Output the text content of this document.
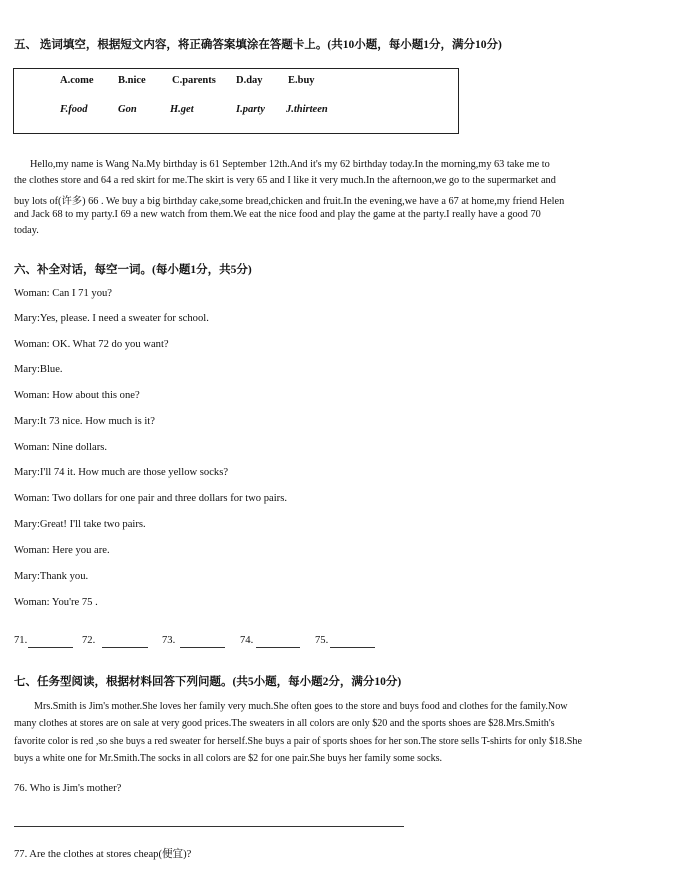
五、 选词填空，根据短文内容，将正确答案填涂在答题卡上。(共10小题，每小题1分，满分10分)
A.come B.nice	C.parents D.day E.buy
F.food	Gon	H.get	I.party J.thirteen
Hello,my name is Wang Na.My birthday is 61 September 12th.And it's my 62 birthday today.In the morning,my 63 take me to
the clothes store and 64 a red skirt for me.The skirt is very 65 and I like it very much.In the afternoon,we go to the supermarket and
buy lots of(许多) 66 . We buy a big birthday cake,some bread,chicken and fruit.In the evening,we have a 67 at home,my friend Helen
and Jack 68 to my party.I 69 a new watch from them.We eat the nice food and play the game at the party.I really have a good 70
today.
六、补全对话，每空一词。(每小题1分，共5分)
Woman: Can I 71 you?
Mary:Yes, please. I need a sweater for school.
Woman: OK. What 72 do you want?
Mary:Blue.
Woman: How about this one?
Mary:It 73 nice. How much is it?
Woman: Nine dollars.
Mary:I'll 74 it. How much are those yellow socks?
Woman: Two dollars for one pair and three dollars for two pairs.
Mary:Great! I'll take two pairs.
Woman: Here you are.
Mary:Thank you.
Woman: You're 75 .
71.	72.	73.	74.	75.
七、任务型阅读，根据材料回答下列问题。(共5小题，每小题2分，满分10分)
Mrs.Smith is Jim's mother.She loves her family very much.She often goes to the store and buys food and clothes for the family.Now
many clothes at stores are on sale at very good prices.The sweaters in all colors are only $20 and the sports shoes are $28.Mrs.Smith's
favorite color is red ,so she buys a red sweater for herself.She buys a pair of sports shoes for her son.The store sells T-shirts for only $18.She
buys a white one for Mr.Smith.The socks in all colors are $2 for one pair.She buys her family some socks.
76. Who is Jim's mother?
77. Are the clothes at stores cheap(便宜)?
